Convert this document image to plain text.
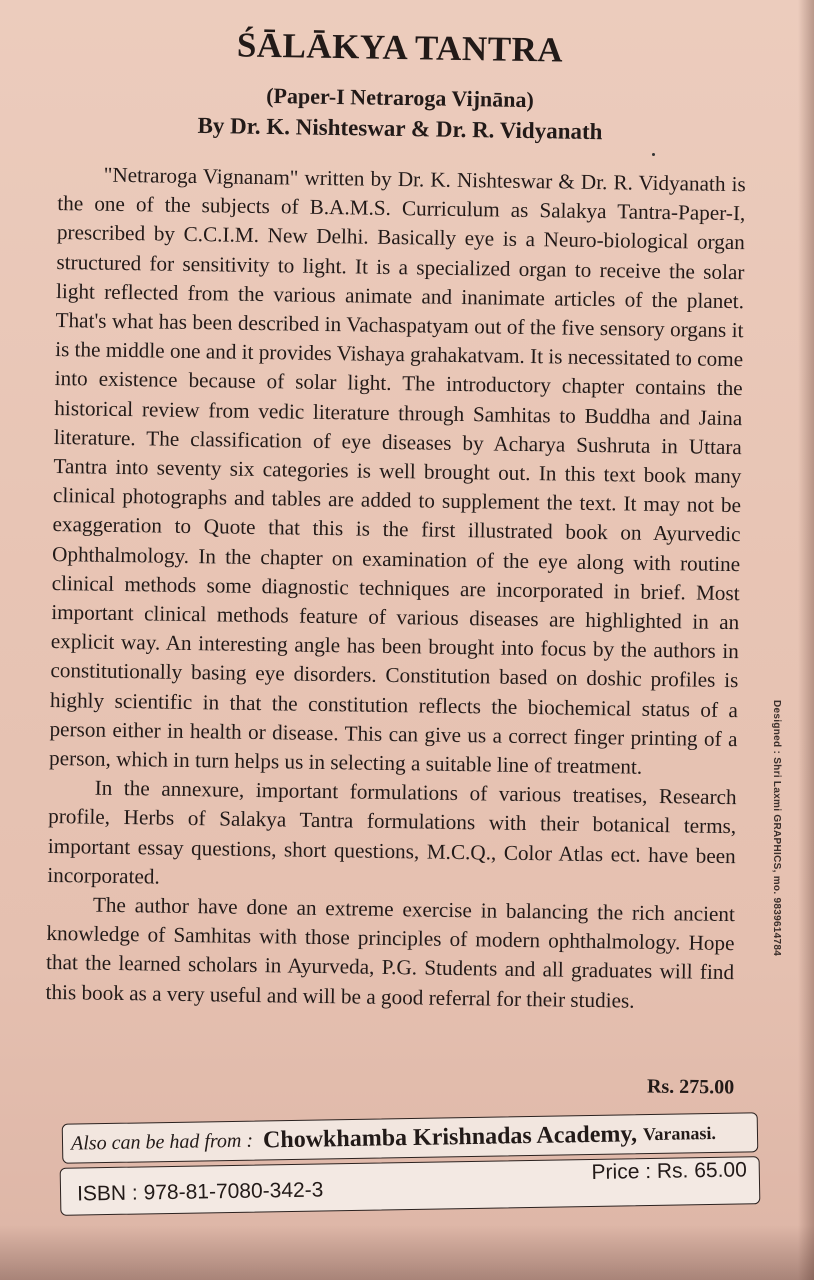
ŚĀLĀKYA TANTRA
(Paper-I Netraroga Vijnāna)
By Dr. K. Nishteswar & Dr. R. Vidyanath

"Netraroga Vignanam" written by Dr. K. Nishteswar & Dr. R. Vidyanath is the one of the subjects of B.A.M.S. Curriculum as Salakya Tantra-Paper-I, prescribed by C.C.I.M. New Delhi. Basically eye is a Neuro-biological organ structured for sensitivity to light. It is a specialized organ to receive the solar light reflected from the various animate and inanimate articles of the planet. That's what has been described in Vachaspatyam out of the five sensory organs it is the middle one and it provides Vishaya grahakatvam. It is necessitated to come into existence because of solar light. The introductory chapter contains the historical review from vedic literature through Samhitas to Buddha and Jaina literature. The classification of eye diseases by Acharya Sushruta in Uttara Tantra into seventy six categories is well brought out. In this text book many clinical photographs and tables are added to supplement the text. It may not be exaggeration to Quote that this is the first illustrated book on Ayurvedic Ophthalmology. In the chapter on examination of the eye along with routine clinical methods some diagnostic techniques are incorporated in brief. Most important clinical methods feature of various diseases are highlighted in an explicit way. An interesting angle has been brought into focus by the authors in constitutionally basing eye disorders. Constitution based on doshic profiles is highly scientific in that the constitution reflects the biochemical status of a person either in health or disease. This can give us a correct finger printing of a person, which in turn helps us in selecting a suitable line of treatment.

In the annexure, important formulations of various treatises, Research profile, Herbs of Salakya Tantra formulations with their botanical terms, important essay questions, short questions, M.C.Q., Color Atlas ect. have been incorporated.

The author have done an extreme exercise in balancing the rich ancient knowledge of Samhitas with those principles of modern ophthalmology. Hope that the learned scholars in Ayurveda, P.G. Students and all graduates will find this book as a very useful and will be a good referral for their studies.

Rs. 275.00
Also can be had from : Chowkhamba Krishnadas Academy, Varanasi.
ISBN : 978-81-7080-342-3
Price : Rs. 65.00
Designed : Shri Laxmi GRAPHICS, mo. 9839614784
